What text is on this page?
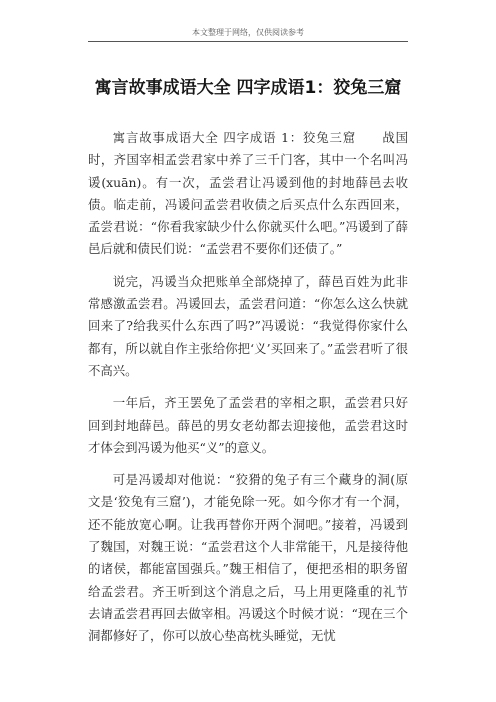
本文整理于网络，仅供阅读参考
寓言故事成语大全 四字成语1：狡兔三窟

寓言故事成语大全 四字成语 1：狡兔三窟　　战国时，齐国宰相孟尝君家中养了三千门客，其中一个名叫冯谖(xuān)。有一次，孟尝君让冯谖到他的封地薛邑去收债。临走前，冯谖问孟尝君收债之后买点什么东西回来，孟尝君说：“你看我家缺少什么你就买什么吧。”冯谖到了薛邑后就和债民们说：“孟尝君不要你们还债了。”

说完，冯谖当众把账单全部烧掉了，薛邑百姓为此非常感激孟尝君。冯谖回去，孟尝君问道：“你怎么这么快就回来了?给我买什么东西了吗?”冯谖说：“我觉得你家什么都有，所以就自作主张给你把‘义’买回来了。”孟尝君听了很不高兴。

一年后，齐王罢免了孟尝君的宰相之职，孟尝君只好回到封地薛邑。薛邑的男女老幼都去迎接他，孟尝君这时才体会到冯谖为他买“义”的意义。

可是冯谖却对他说：“狡猾的兔子有三个藏身的洞(原文是‘狡兔有三窟’)，才能免除一死。如今你才有一个洞，还不能放宽心啊。让我再替你开两个洞吧。”接着，冯谖到了魏国，对魏王说：“孟尝君这个人非常能干，凡是接待他的诸侯，都能富国强兵。”魏王相信了，便把丞相的职务留给孟尝君。齐王听到这个消息之后，马上用更隆重的礼节去请孟尝君再回去做宰相。冯谖这个时候才说：“现在三个洞都修好了，你可以放心垫高枕头睡觉，无忧
